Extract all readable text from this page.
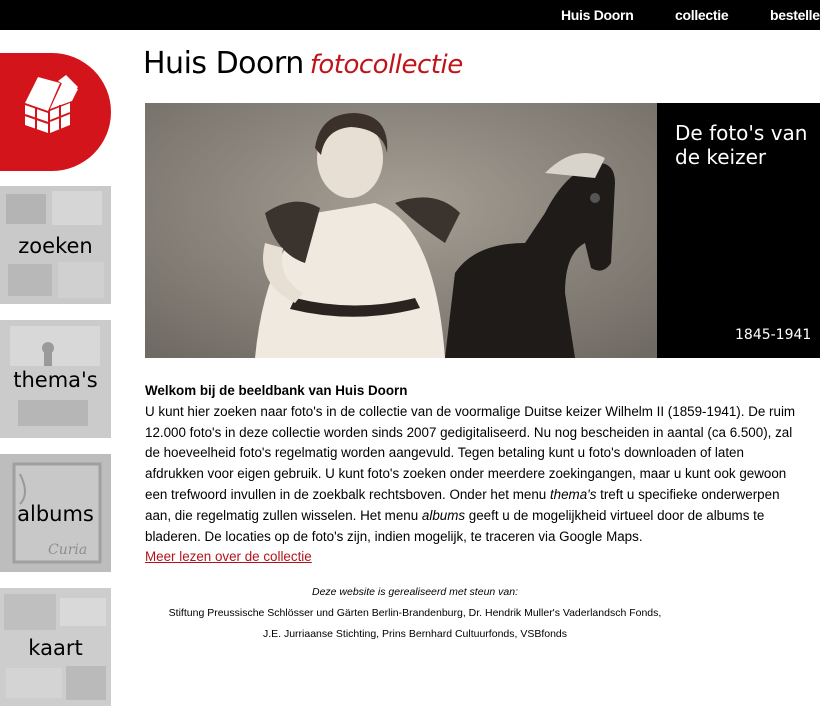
Huis Doorn	collectie	bestellen
zoeken
thema's
Curia
albums
kaart
Huis Doorn fotocollectie
De foto's van de keizer
1845-1941
Welkom bij de beeldbank van Huis Doorn

U kunt hier zoeken naar foto's in de collectie van de voormalige Duitse keizer Wilhelm II (1859-1941). De ruim

12.000 foto's in deze collectie worden sinds 2007 gedigitaliseerd. Nu nog bescheiden in aantal (ca 6.500), zal

de hoeveelheid foto's regelmatig worden aangevuld. Tegen betaling kunt u foto's downloaden of laten

afdrukken voor eigen gebruik. U kunt foto's zoeken onder meerdere zoekingangen, maar u kunt ook gewoon

een trefwoord invullen in de zoekbalk rechtsboven. Onder het menu thema's treft u specifieke onderwerpen

aan, die regelmatig zullen wisselen. Het menu albums geeft u de mogelijkheid virtueel door de albums te

bladeren. De locaties op de foto's zijn, indien mogelijk, te traceren via Google Maps.

Meer lezen over de collectie

Deze website is gerealiseerd met steun van:
Stiftung Preussische Schlösser und Gärten Berlin-Brandenburg, Dr. Hendrik Muller's Vaderlandsch Fonds,
J.E. Jurriaanse Stichting, Prins Bernhard Cultuurfonds, VSBfonds
